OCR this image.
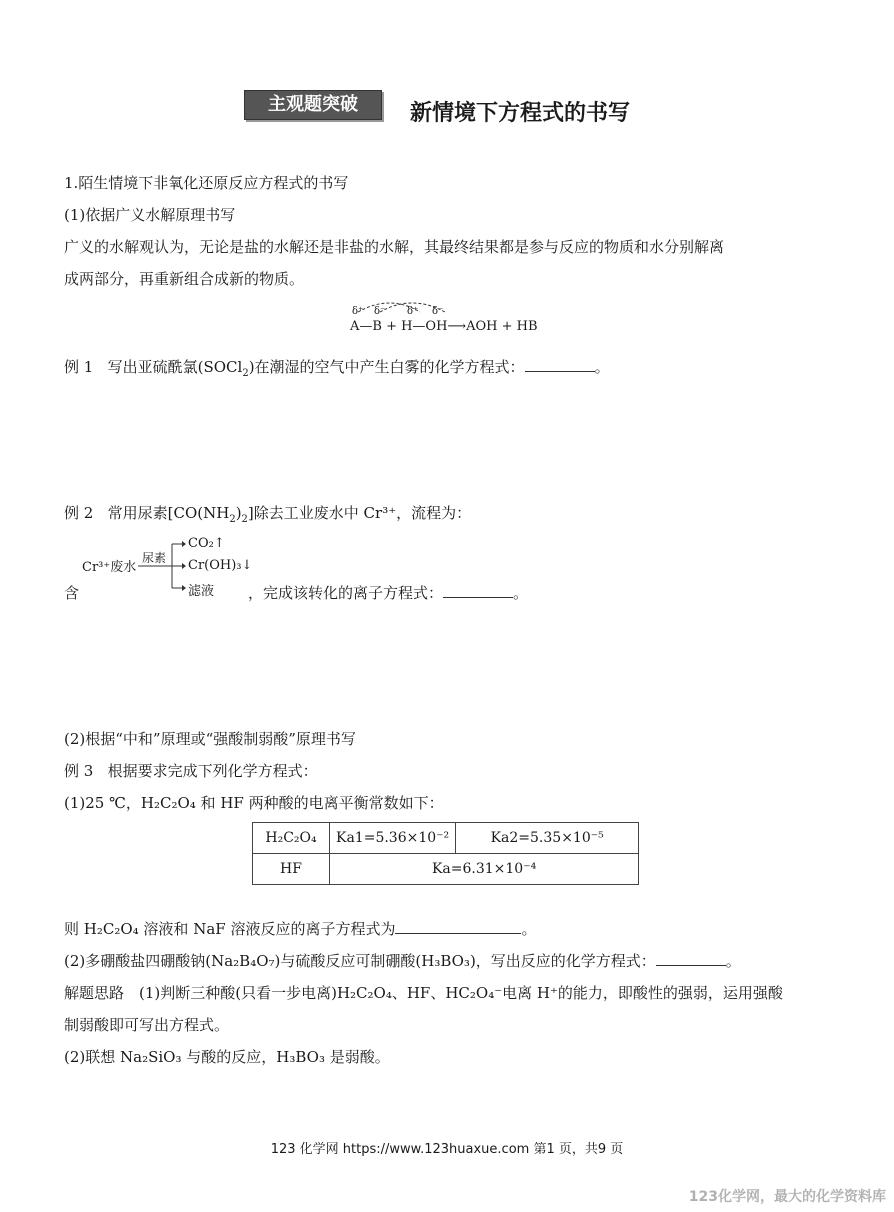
主观题突破	新情境下方程式的书写
1.陌生情境下非氧化还原反应方程式的书写
(1)依据广义水解原理书写
广义的水解观认为，无论是盐的水解还是非盐的水解，其最终结果都是参与反应的物质和水分别解离
成两部分，再重新组合成新的物质。
δ⁺ δ⁻ δ⁺ δ⁻
A—B + H—OH⟶AOH + HB
例 1 写出亚硫酰氯(SOCl$_2$)在潮湿的空气中产生白雾的化学方程式：	。
例 2 常用尿素$[CO(NH_2)_2]$除去工业废水中 Cr³⁺，流程为：
Cr³⁺废水
尿素
CO₂↑
Cr(OH)₃↓
滤液
含	，完成该转化的离子方程式：	。
(2)根据“中和”原理或“强酸制弱酸”原理书写
例 3 根据要求完成下列化学方程式：
(1)25 ℃，H₂C₂O₄ 和 HF 两种酸的电离平衡常数如下：
H₂C₂O₄	Ka1=5.36×10⁻²	Ka2=5.35×10⁻⁵
HF	Ka=6.31×10⁻⁴	
则 H₂C₂O₄ 溶液和 NaF 溶液反应的离子方程式为	。
(2)多硼酸盐四硼酸钠(Na₂B₄O₇)与硫酸反应可制硼酸(H₃BO₃)，写出反应的化学方程式：	。
解题思路　(1)判断三种酸(只看一步电离)H₂C₂O₄、HF、HC₂O₄⁻电离 H⁺的能力，即酸性的强弱，运用强酸
制弱酸即可写出方程式。
(2)联想 Na₂SiO₃ 与酸的反应，H₃BO₃ 是弱酸。
123 化学网 https://www.123huaxue.com 第1 页，共9 页
123化学网，最大的化学资料库
